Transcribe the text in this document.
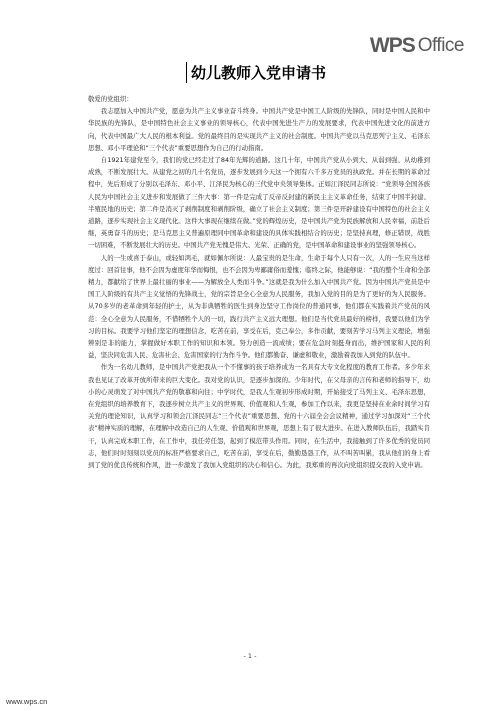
WPS Office
幼儿教师入党申请书

敬爱的党组织：

我志愿加入中国共产党，愿意为共产主义事业奋斗终身。中国共产党是中国工人阶级的先锋队，同时是中国人民和中华民族的先锋队，是中国特色社会主义事业的领导核心，代表中国先进生产力的发展要求，代表中国先进文化的前进方向，代表中国最广大人民的根本利益。党的最终目的是实现共产主义的社会制度。中国共产党以马克思列宁主义、毛泽东思想、邓小平理论和“三个代表”重要思想作为自己的行动指南。

自1921年建党至今，我们的党已经走过了84年光辉的道路。这几十年，中国共产党从小到大、从弱到强、从幼稚到成熟，不断发展壮大。从建党之初的几十名党员，逐步发展到今天这一个拥有六千多万党员的执政党。并在长期的革命过程中，先后形成了分别以毛泽东、邓小平、江泽民为核心的三代党中央领导集体。正如江泽民同志所说：“党领导全国各族人民为中国社会主义进步和发展做了三件大事：第一件是完成了反帝反封建的新民主主义革命任务，结束了中国半封建、半殖民地的历史；第二件是消灭了剥削制度和剥削阶级，确立了社会主义制度；第三件是开辟建设有中国特色的社会主义道路，逐步实现社会主义现代化。这件大事现在继续在做。”党的辉煌历史，是中国共产党为民族解放和人民幸福，前赴后继，英勇奋斗的历史；是马克思主义普遍原理同中国革命和建设的具体实践相结合的历史；是坚持真理，修正错误，战胜一切困难，不断发展壮大的历史。中国共产党无愧是伟大、光荣、正确的党，是中国革命和建设事业的坚强领导核心。

人的一生或喜于泰山，或轻如鸿毛，就如佩尔所说：人最宝贵的是生命，生命于每个人只有一次，人的一生应当这样度过：回首往事，他不会因为虚度年华而悔恨，也不会因为卑鄙庸俗而羞愧；临终之际，他能够说：“我的整个生命和全部精力，都献给了世界上最壮丽的事业——为解放全人类而斗争。”这就是我为什么加入中国共产党。因为中国共产党员是中国工人阶级的有共产主义觉悟的先锋战士，党的宗旨是全心全意为人民服务，我加入党的目的是为了更好的为人民服务。从70多岁的老革命到年轻的护士，从为非典牺牲的医生到身边坚守工作岗位的普通同事，他们都在实践着共产党员的风范：全心全意为人民服务，不惜牺牲个人的一切，践行共产主义远大理想。他们是当代党员最好的榜样，我要以他们为学习的目标。我要学习他们坚定的理想信念，吃苦在前，享受在后，克己奉公，多作贡献，要刻苦学习马列主义理论，增强辨别是非的能力，掌握做好本职工作的知识和本领。努力创造一流成绩；要在危急时刻挺身而出，维护国家和人民的利益，坚决同危害人民、危害社会、危害国家的行为作斗争。他们都勤奋、谦虚和敬业，激励着我加入到党的队伍中。

作为一名幼儿教师，是中国共产党把我从一个不懂事的孩子培养成为一名具有大专文化程度的教育工作者。多少年来我也见证了改革开放所带来的巨大变化。我对党的认识，是逐步加深的。少年时代，在父母亲的言传和老师的指导下，幼小的心灵萌发了对中国共产党的敬慕和向往；中学时代，是我人生观初步形成时期，开始接受了马列主义、毛泽东思想，在党组织的培养教育下，我逐步树立共产主义的世界观、价值观和人生观，参加工作以来，我更是坚持在业余时间学习有关党的理论知识，认真学习和领会江泽民同志“三个代表”重要思想、党的十六届全会会议精神，通过学习加深对“三个代表”精神实质的理解，在理解中改造自己的人生观、价值观和世界观，思想上有了很大进步。在进入教师队伍后，我踏实肯干，认真完成本职工作，在工作中，我任劳任怨，起到了模范带头作用。同时，在生活中，我接触到了许多优秀的党员同志，他们时时刻刻以党员的标准严格要求自己，吃苦在前，享受在后，勤勤恳恳工作，从不叫苦叫累，我从他们的身上看到了党的优良传统和作风，进一步激发了我加入党组织的决心和信心。为此，我郑重的再次向党组织提交我的入党申请。

- 1 -
www.wps.cn
